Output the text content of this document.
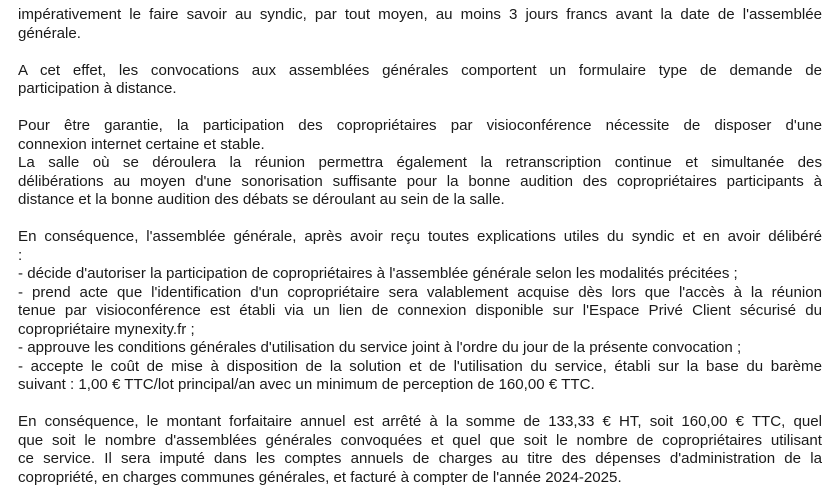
impérativement le faire savoir au syndic, par tout moyen, au moins 3 jours francs avant la date de l'assemblée
générale.
A cet effet, les convocations aux assemblées générales comportent un formulaire type de demande de
participation à distance.
Pour être garantie, la participation des copropriétaires par visioconférence nécessite de disposer d'une
connexion internet certaine et stable.
La salle où se déroulera la réunion permettra également la retranscription continue et simultanée des
délibérations au moyen d'une sonorisation suffisante pour la bonne audition des copropriétaires participants à
distance et la bonne audition des débats se déroulant au sein de la salle.
En conséquence, l'assemblée générale, après avoir reçu toutes explications utiles du syndic et en avoir délibéré
:
- décide d'autoriser la participation de copropriétaires à l'assemblée générale selon les modalités précitées ;
- prend acte que l'identification d'un copropriétaire sera valablement acquise dès lors que l'accès à la réunion
tenue par visioconférence est établi via un lien de connexion disponible sur l'Espace Privé Client sécurisé du
copropriétaire mynexity.fr ;
- approuve les conditions générales d'utilisation du service joint à l'ordre du jour de la présente convocation ;
- accepte le coût de mise à disposition de la solution et de l'utilisation du service, établi sur la base du barème
suivant : 1,00 € TTC/lot principal/an avec un minimum de perception de 160,00 € TTC.
En conséquence, le montant forfaitaire annuel est arrêté à la somme de 133,33 € HT, soit 160,00 € TTC, quel
que soit le nombre d'assemblées générales convoquées et quel que soit le nombre de copropriétaires utilisant
ce service. Il sera imputé dans les comptes annuels de charges au titre des dépenses d'administration de la
copropriété, en charges communes générales, et facturé à compter de l'année 2024-2025.
